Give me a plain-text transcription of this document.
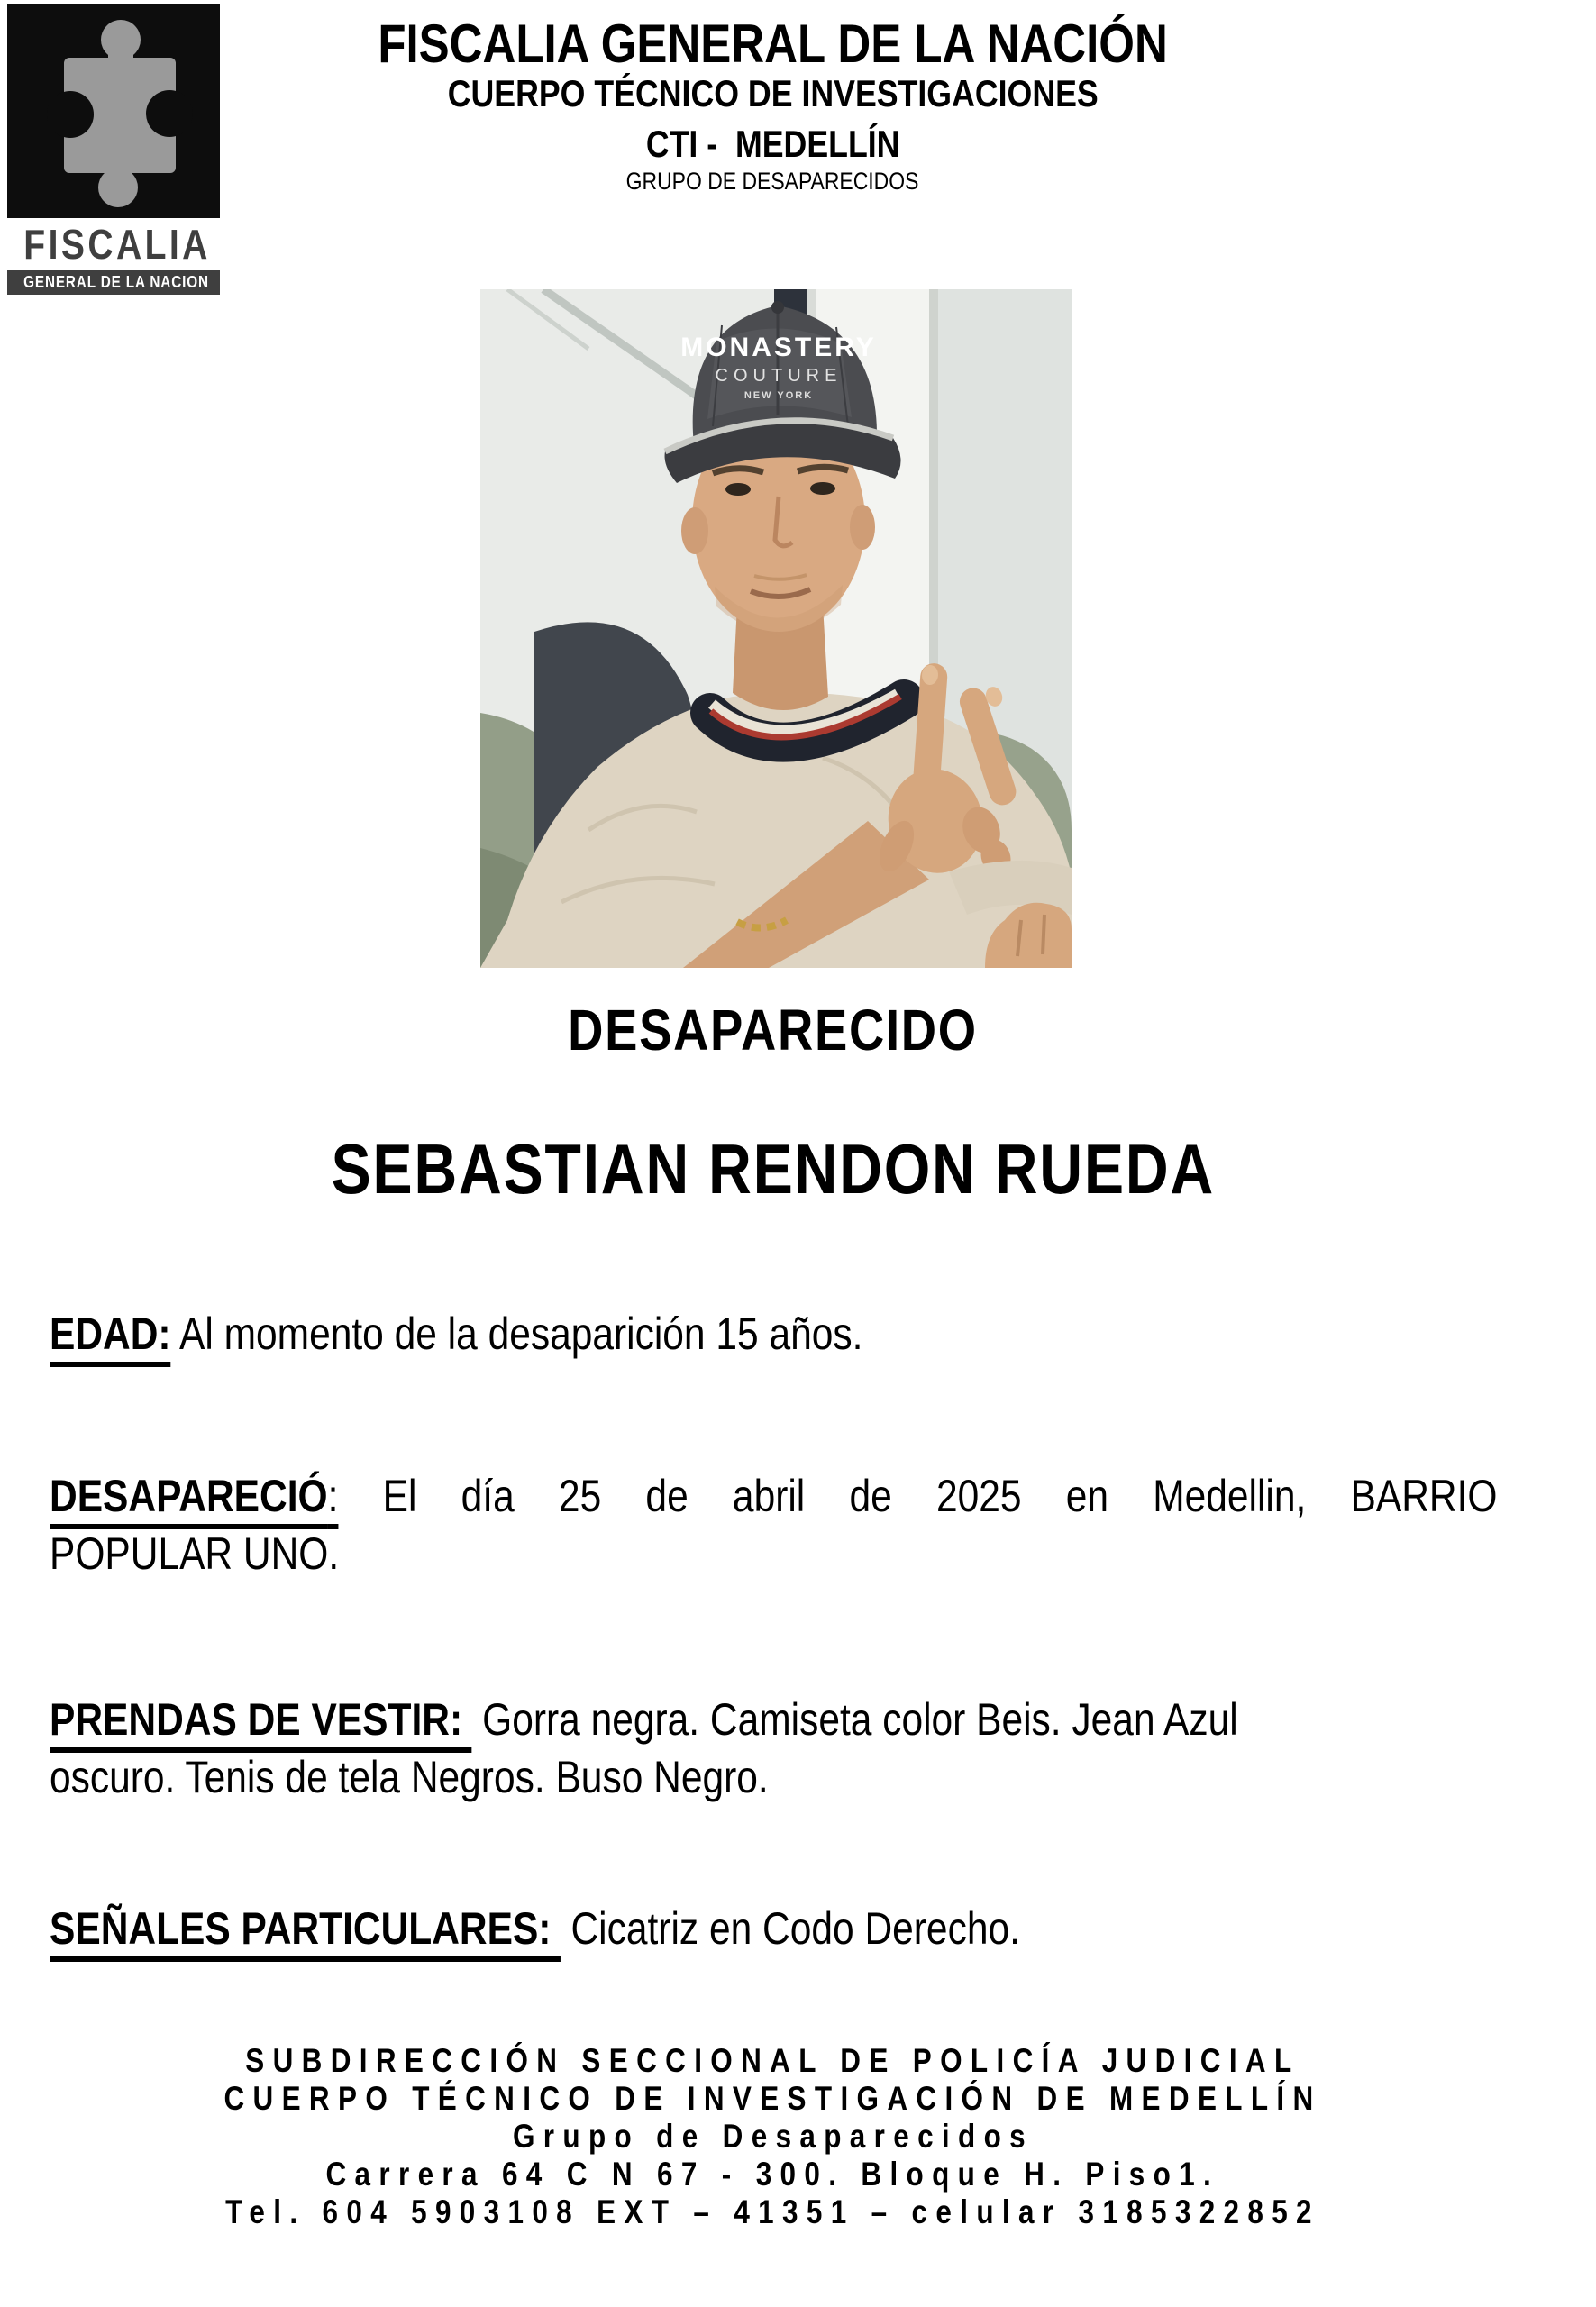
FISCALIA
GENERAL DE LA NACION
FISCALIA GENERAL DE LA NACIÓN
CUERPO TÉCNICO DE INVESTIGACIONES
CTI -  MEDELLÍN
GRUPO DE DESAPARECIDOS
MONASTERY
COUTURE
NEW YORK
DESAPARECIDO
SEBASTIAN RENDON RUEDA
EDAD: Al momento de la desaparición 15 años.
DESAPARECIÓ: El día 25 de abril de 2025 en Medellin, BARRIO
POPULAR UNO.
PRENDAS DE VESTIR: Gorra negra. Camiseta color Beis. Jean Azul
oscuro. Tenis de tela Negros. Buso Negro.
SEÑALES PARTICULARES: Cicatriz en Codo Derecho.
SUBDIRECCIÓN SECCIONAL DE POLICÍA JUDICIAL
CUERPO TÉCNICO DE INVESTIGACIÓN DE MEDELLÍN
Grupo de Desaparecidos
Carrera 64 C N 67 - 300. Bloque H. Piso1.
Tel. 604 5903108 EXT – 41351 – celular 3185322852
